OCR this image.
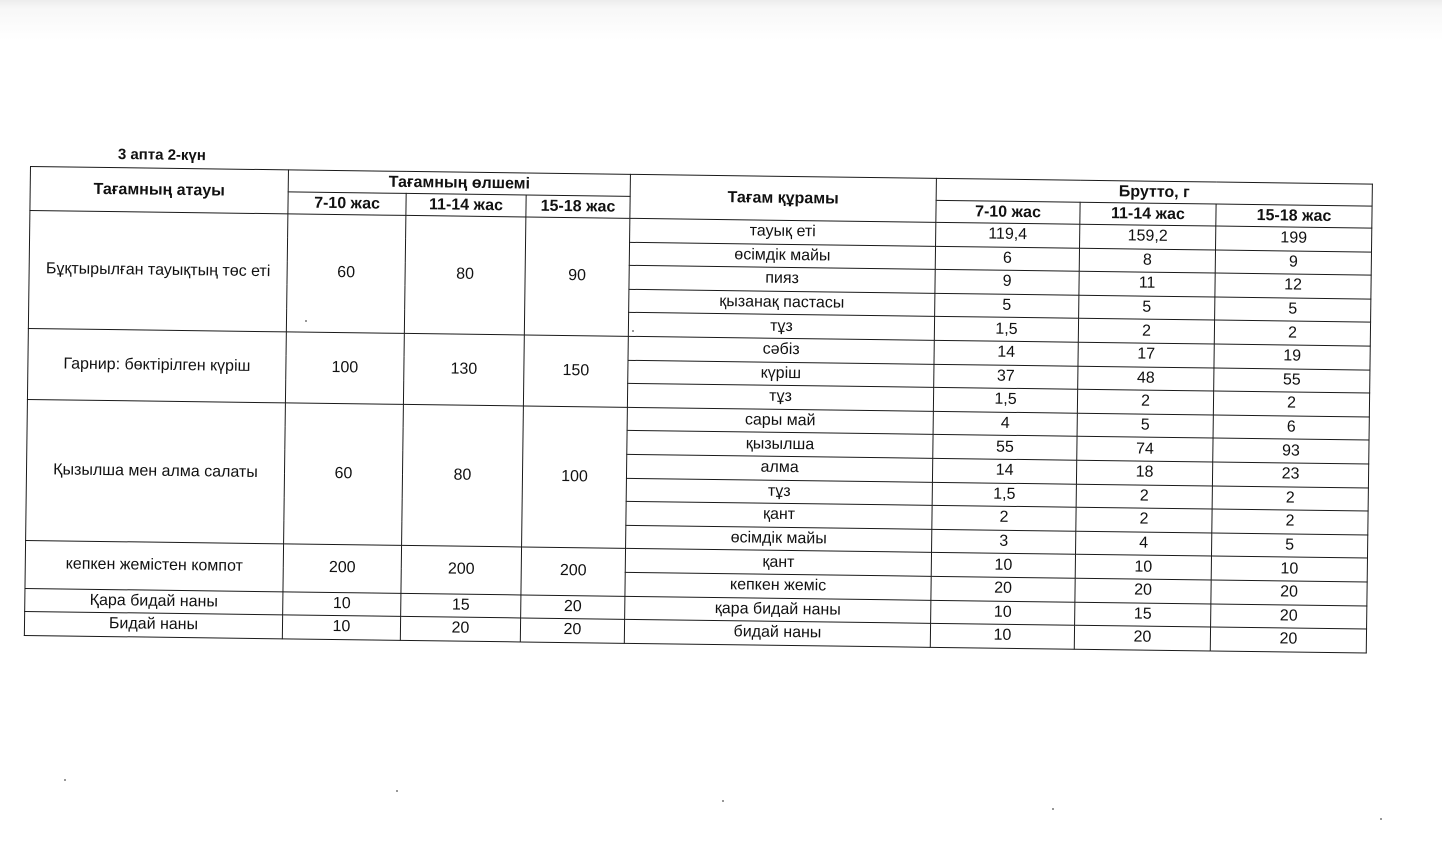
3 апта 2-күн
Тағамның атауы	Тағамның өлшемі			Тағам құрамы	Брутто, г		
	7-10 жас	11-14 жас	15-18 жас		7-10 жас	11-14 жас	15-18 жас
Бұқтырылған тауықтың төс еті	60	80	90	тауық еті	119,4	159,2	199
				өсімдік майы	6	8	9
				пияз	9	11	12
				қызанақ пастасы	5	5	5
				тұз	1,5	2	2
Гарнир: бөктірілген күріш	100	130	150	сәбіз	14	17	19
				күріш	37	48	55
				тұз	1,5	2	2
Қызылша мен алма салаты	60	80	100	сары май	4	5	6
				қызылша	55	74	93
				алма	14	18	23
				тұз	1,5	2	2
				қант	2	2	2
				өсімдік майы	3	4	5
кепкен жемістен компот	200	200	200	қант	10	10	10
				кепкен жеміс	20	20	20
Қара бидай наны	10	15	20	қара бидай наны	10	15	20
Бидай наны	10	20	20	бидай наны	10	20	20
